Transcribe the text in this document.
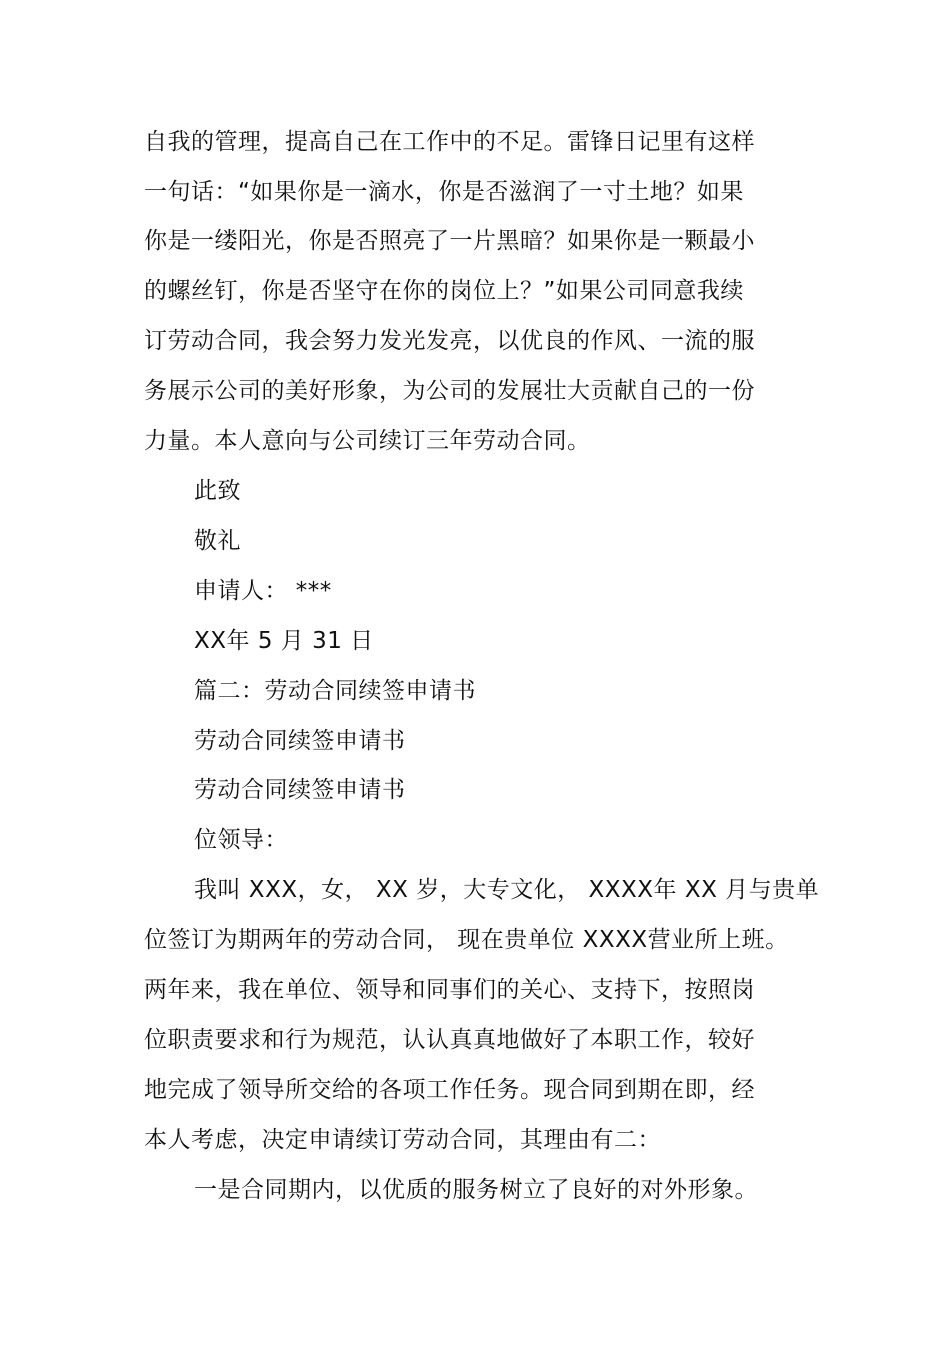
自我的管理，提高自己在工作中的不足。雷锋日记里有这样
一句话：“如果你是一滴水，你是否滋润了一寸土地？如果
你是一缕阳光，你是否照亮了一片黑暗？如果你是一颗最小
的螺丝钉，你是否坚守在你的岗位上？”如果公司同意我续
订劳动合同，我会努力发光发亮，以优良的作风、一流的服
务展示公司的美好形象，为公司的发展壮大贡献自己的一份
力量。本人意向与公司续订三年劳动合同。
此致
敬礼
申请人： ***
XX年 5 月 31 日
篇二：劳动合同续签申请书
劳动合同续签申请书
劳动合同续签申请书
位领导：
我叫 XXX，女， XX 岁，大专文化， XXXX年 XX 月与贵单
位签订为期两年的劳动合同， 现在贵单位 XXXX营业所上班。
两年来，我在单位、领导和同事们的关心、支持下，按照岗
位职责要求和行为规范，认认真真地做好了本职工作，较好
地完成了领导所交给的各项工作任务。现合同到期在即，经
本人考虑，决定申请续订劳动合同，其理由有二：
一是合同期内，以优质的服务树立了良好的对外形象。
